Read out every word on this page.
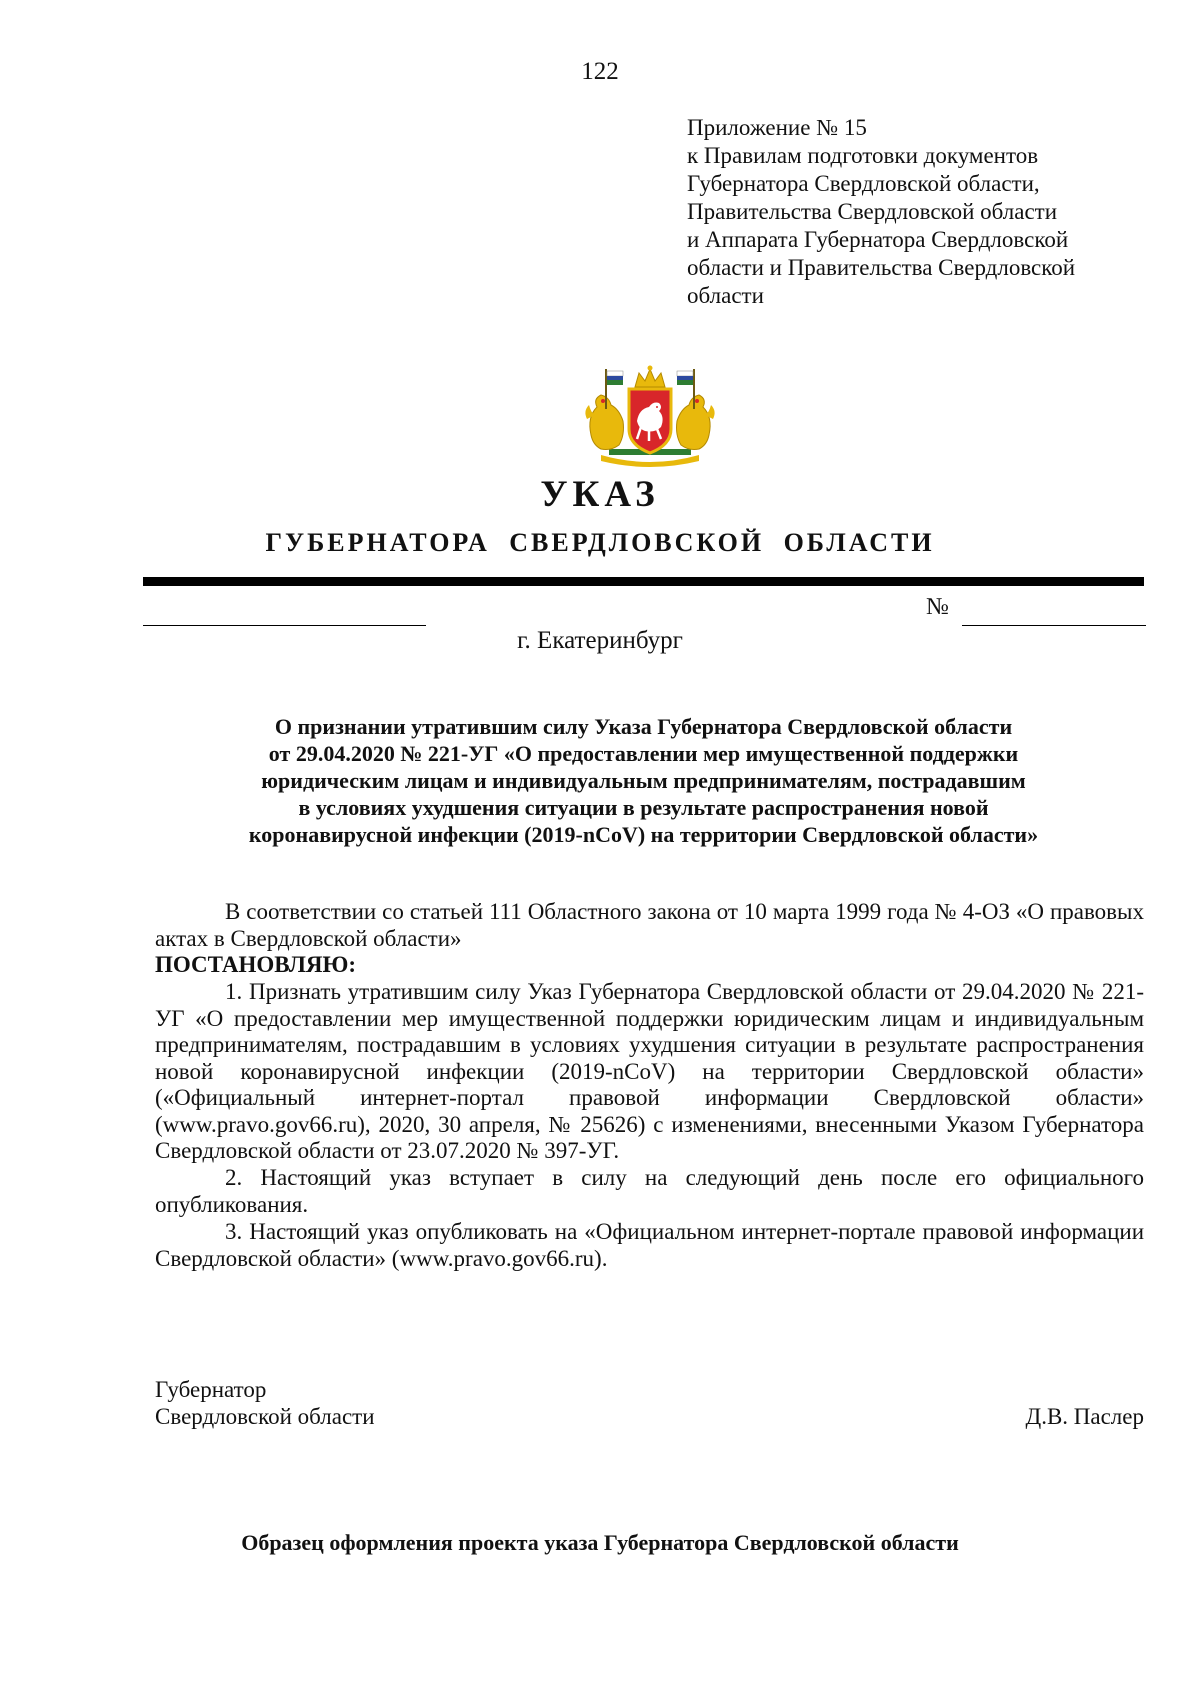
122
Приложение № 15
к Правилам подготовки документов
Губернатора Свердловской области,
Правительства Свердловской области
и Аппарата Губернатора Свердловской
области и Правительства Свердловской
области
УКАЗ
ГУБЕРНАТОРА СВЕРДЛОВСКОЙ ОБЛАСТИ
№
г. Екатеринбург
О признании утратившим силу Указа Губернатора Свердловской области
от 29.04.2020 № 221-УГ «О предоставлении мер имущественной поддержки
юридическим лицам и индивидуальным предпринимателям, пострадавшим
в условиях ухудшения ситуации в результате распространения новой
коронавирусной инфекции (2019-nCoV) на территории Свердловской области»
В соответствии со статьей 111 Областного закона от 10 марта 1999 года № 4-ОЗ «О правовых актах в Свердловской области»
ПОСТАНОВЛЯЮ:
1. Признать утратившим силу Указ Губернатора Свердловской области от 29.04.2020 № 221-УГ «О предоставлении мер имущественной поддержки юридическим лицам и индивидуальным предпринимателям, пострадавшим в условиях ухудшения ситуации в результате распространения новой коронавирусной инфекции (2019-nCoV) на территории Свердловской области» («Официальный интернет-портал правовой информации Свердловской области» (www.pravo.gov66.ru), 2020, 30 апреля, № 25626) с изменениями, внесенными Указом Губернатора Свердловской области от 23.07.2020 № 397-УГ.
2. Настоящий указ вступает в силу на следующий день после его официального опубликования.
3. Настоящий указ опубликовать на «Официальном интернет-портале правовой информации Свердловской области» (www.pravo.gov66.ru).
Губернатор
Свердловской области	Д.В. Паслер
Образец оформления проекта указа Губернатора Свердловской области
